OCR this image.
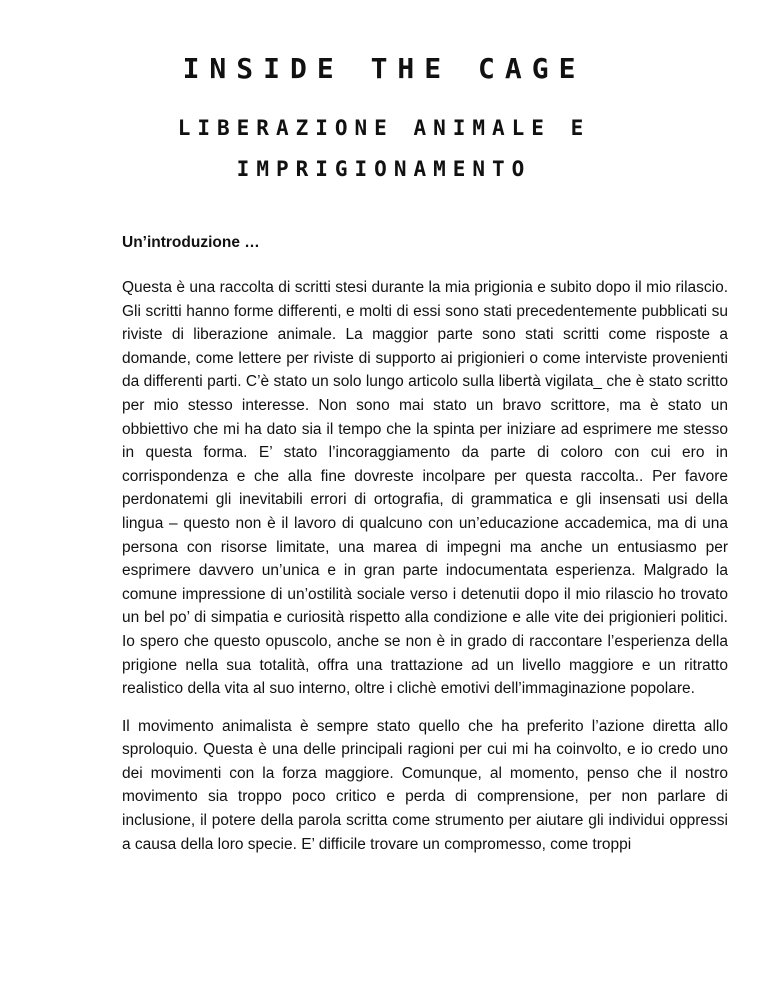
INSIDE THE CAGE
LIBERAZIONE ANIMALE E IMPRIGIONAMENTO

Un’introduzione …

Questa è una raccolta di scritti stesi durante la mia prigionia e subito dopo il mio rilascio. Gli scritti hanno forme differenti, e molti di essi sono stati precedentemente pubblicati su riviste di liberazione animale. La maggior parte sono stati scritti come risposte a domande, come lettere per riviste di supporto ai prigionieri o come interviste provenienti da differenti parti. C’è stato un solo lungo articolo sulla libertà vigilata_ che è stato scritto per mio stesso interesse. Non sono mai stato un bravo scrittore, ma è stato un obbiettivo che mi ha dato sia il tempo che la spinta per iniziare ad esprimere me stesso in questa forma. E’ stato l’incoraggiamento da parte di coloro con cui ero in corrispondenza e che alla fine dovreste incolpare per questa raccolta.. Per favore perdonatemi gli inevitabili errori di ortografia, di grammatica e gli insensati usi della lingua – questo non è il lavoro di qualcuno con un’educazione accademica, ma di una persona con risorse limitate, una marea di impegni ma anche un entusiasmo per esprimere davvero un’unica e in gran parte indocumentata esperienza. Malgrado la comune impressione di un’ostilità sociale verso i detenutii dopo il mio rilascio ho trovato un bel po’ di simpatia e curiosità rispetto alla condizione e alle vite dei prigionieri politici. Io spero che questo opuscolo, anche se non è in grado di raccontare l’esperienza della prigione nella sua totalità, offra una trattazione ad un livello maggiore e un ritratto realistico della vita al suo interno, oltre i clichè emotivi dell’immaginazione popolare.

Il movimento animalista è sempre stato quello che ha preferito l’azione diretta allo sproloquio. Questa è una delle principali ragioni per cui mi ha coinvolto, e io credo uno dei movimenti con la forza maggiore. Comunque, al momento, penso che il nostro movimento sia troppo poco critico e perda di comprensione, per non parlare di inclusione, il potere della parola scritta come strumento per aiutare gli individui oppressi a causa della loro specie. E’ difficile trovare un compromesso, come troppi
